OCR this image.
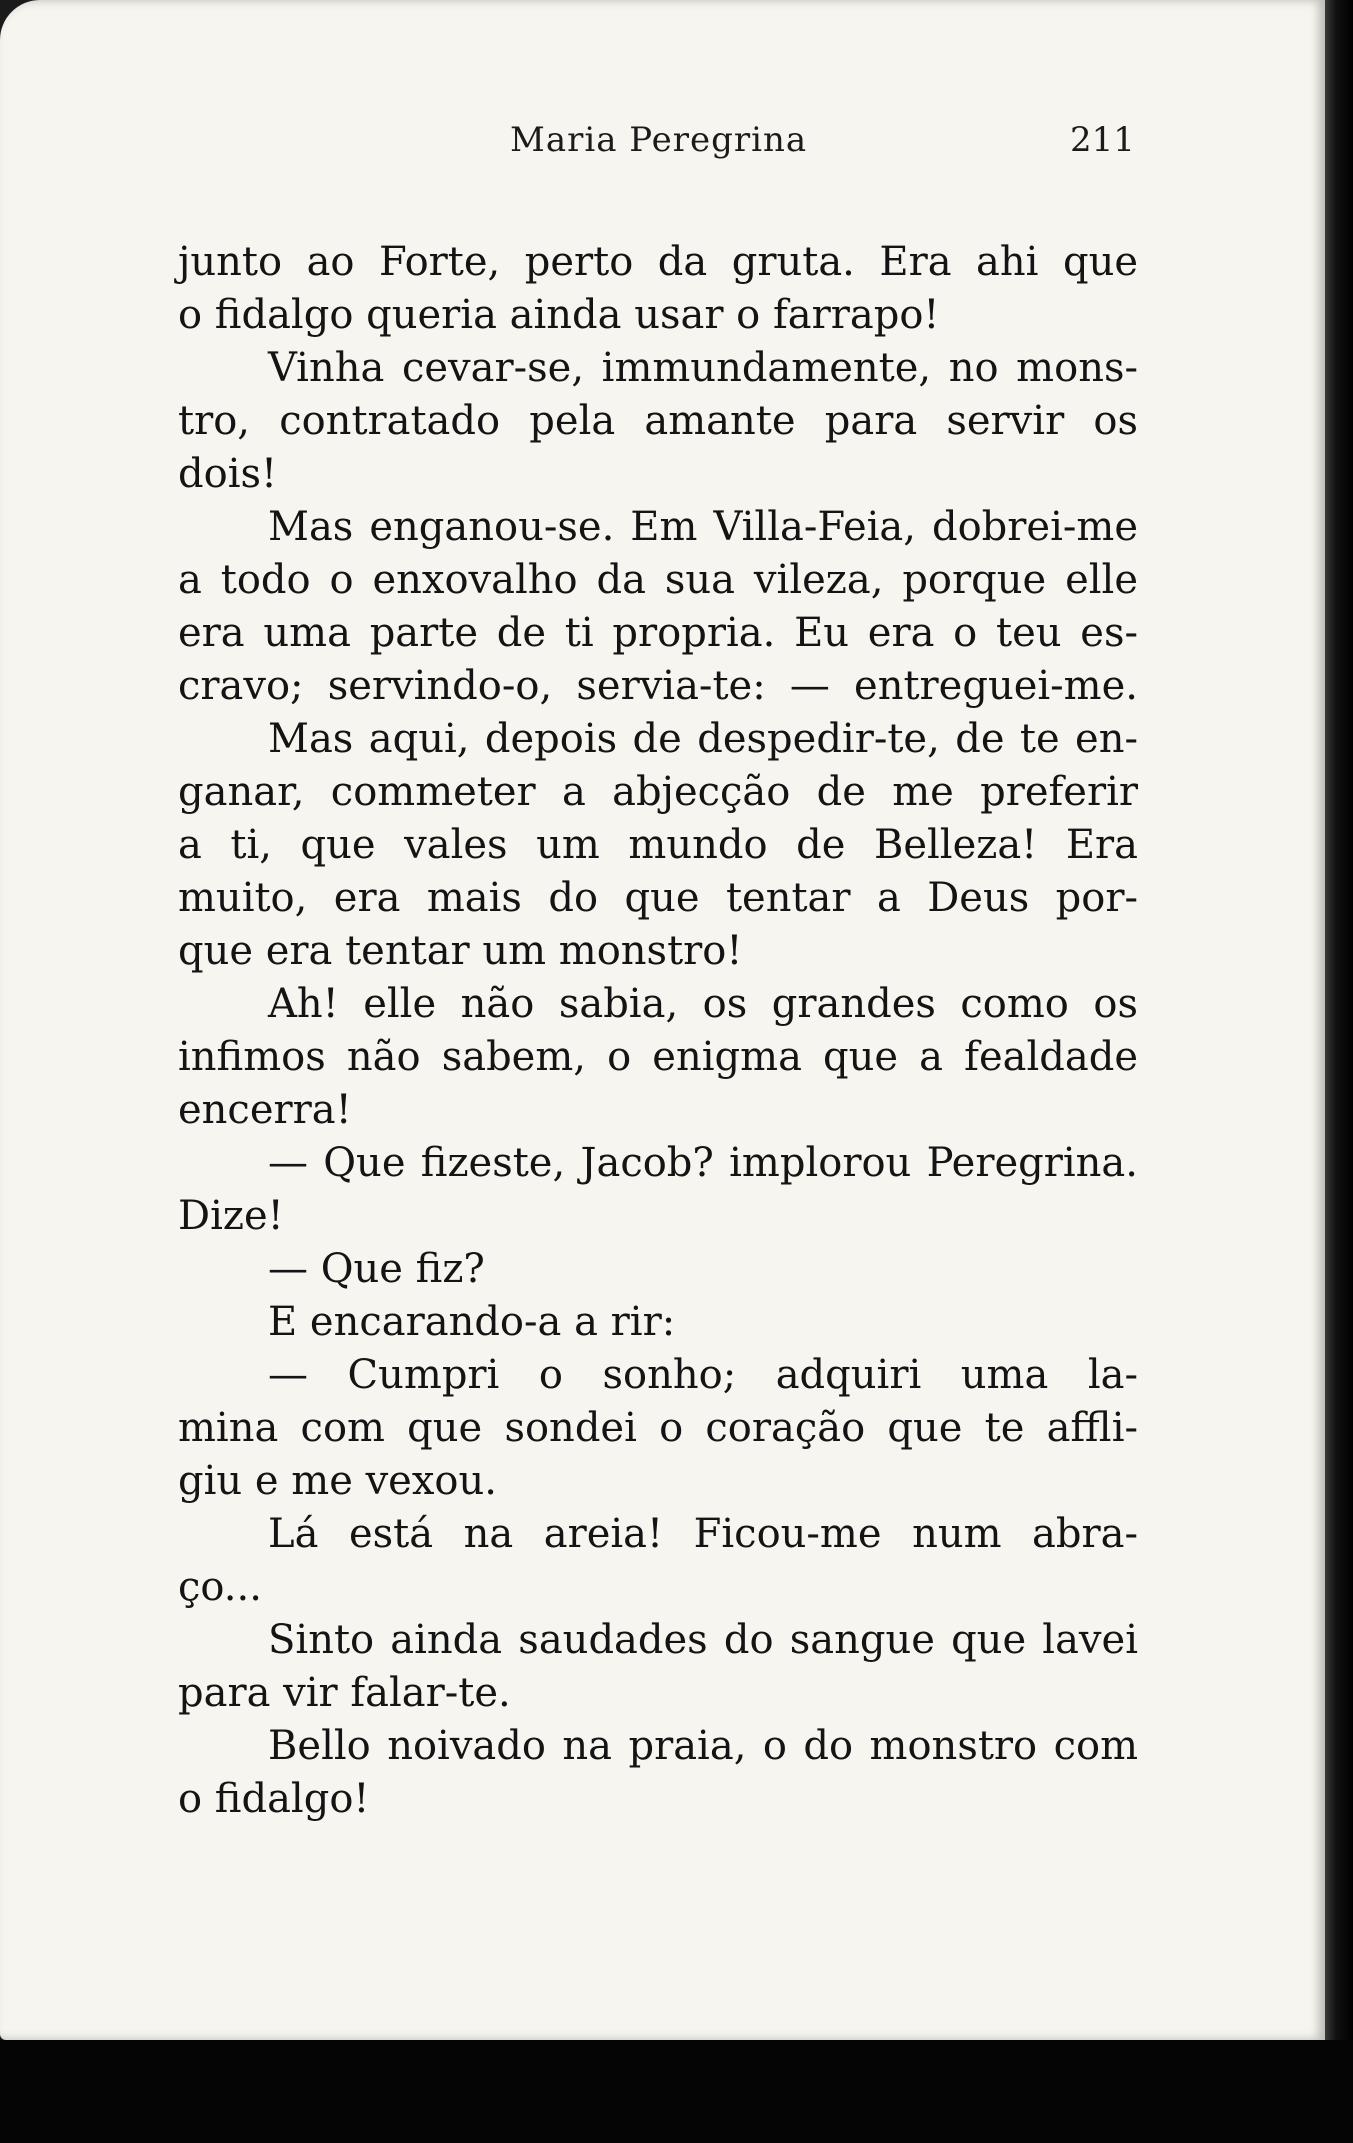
Maria Peregrina	211
junto ao Forte, perto da gruta. Era ahi que
o fidalgo queria ainda usar o farrapo!
Vinha cevar-se, immundamente, no mons-
tro, contratado pela amante para servir os
dois!
Mas enganou-se. Em Villa-Feia, dobrei-me
a todo o enxovalho da sua vileza, porque elle
era uma parte de ti propria. Eu era o teu es-
cravo; servindo-o, servia-te: — entreguei-me.
Mas aqui, depois de despedir-te, de te en-
ganar, commeter a abjecção de me preferir
a ti, que vales um mundo de Belleza! Era
muito, era mais do que tentar a Deus por-
que era tentar um monstro!
Ah! elle não sabia, os grandes como os
infimos não sabem, o enigma que a fealdade
encerra!
— Que fizeste, Jacob? implorou Peregrina.
Dize!
— Que fiz?
E encarando-a a rir:
— Cumpri o sonho; adquiri uma la-
mina com que sondei o coração que te affli-
giu e me vexou.
Lá está na areia! Ficou-me num abra-
ço...
Sinto ainda saudades do sangue que lavei
para vir falar-te.
Bello noivado na praia, o do monstro com
o fidalgo!
